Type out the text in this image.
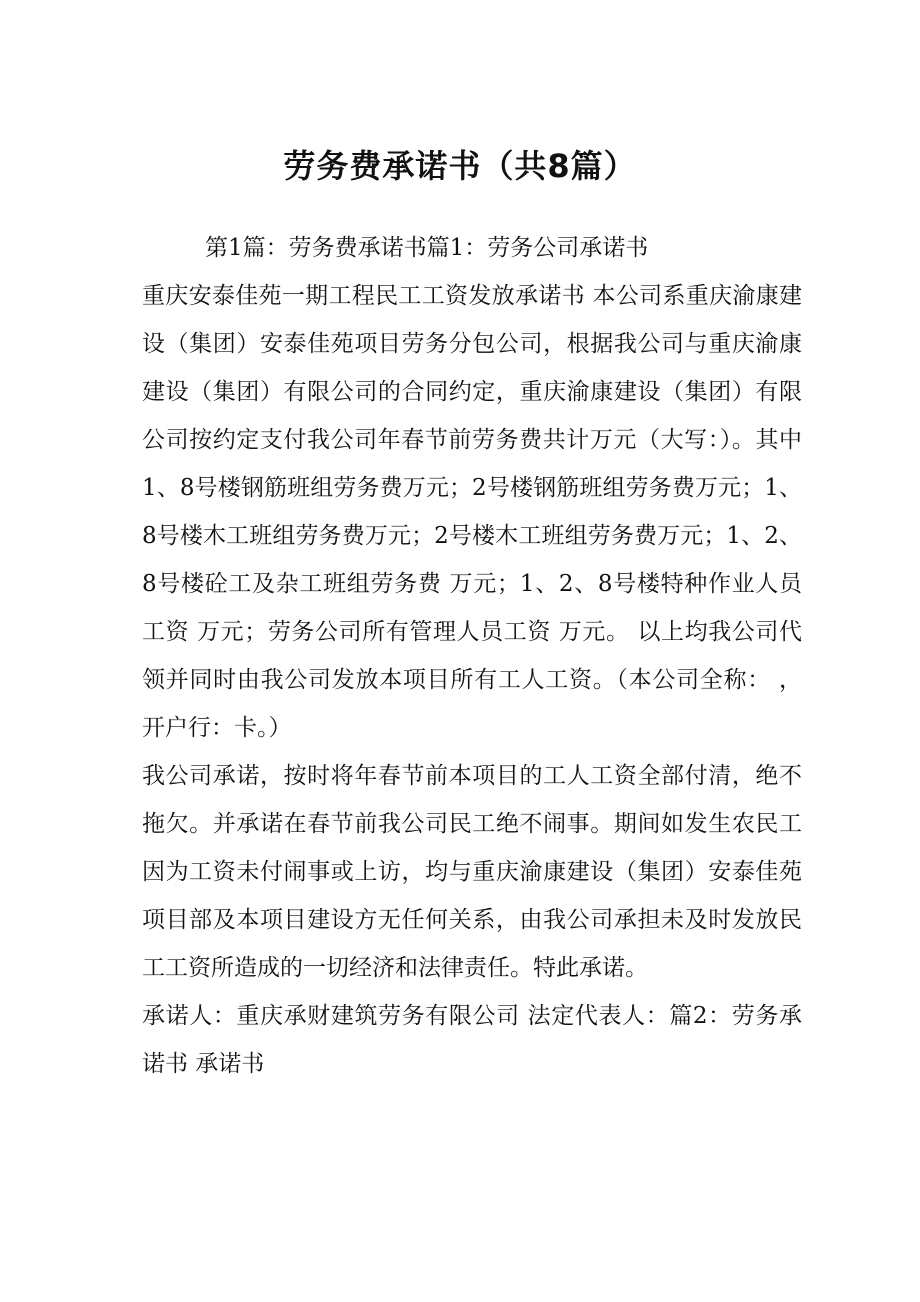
劳务费承诺书（共8篇）

第1篇：劳务费承诺书篇1：劳务公司承诺书

重庆安泰佳苑一期工程民工工资发放承诺书 本公司系重庆渝康建设（集团）安泰佳苑项目劳务分包公司，根据我公司与重庆渝康建设（集团）有限公司的合同约定，重庆渝康建设（集团）有限公司按约定支付我公司年春节前劳务费共计万元（大写：）。其中1、8号楼钢筋班组劳务费万元；2号楼钢筋班组劳务费万元；1、8号楼木工班组劳务费万元；2号楼木工班组劳务费万元；1、2、8号楼砼工及杂工班组劳务费 万元；1、2、8号楼特种作业人员工资 万元；劳务公司所有管理人员工资 万元。 以上均我公司代领并同时由我公司发放本项目所有工人工资。（本公司全称： ，开户行：卡。）

我公司承诺，按时将年春节前本项目的工人工资全部付清，绝不拖欠。并承诺在春节前我公司民工绝不闹事。期间如发生农民工因为工资未付闹事或上访，均与重庆渝康建设（集团）安泰佳苑项目部及本项目建设方无任何关系，由我公司承担未及时发放民工工资所造成的一切经济和法律责任。特此承诺。

承诺人：重庆承财建筑劳务有限公司 法定代表人：篇2：劳务承诺书 承诺书
